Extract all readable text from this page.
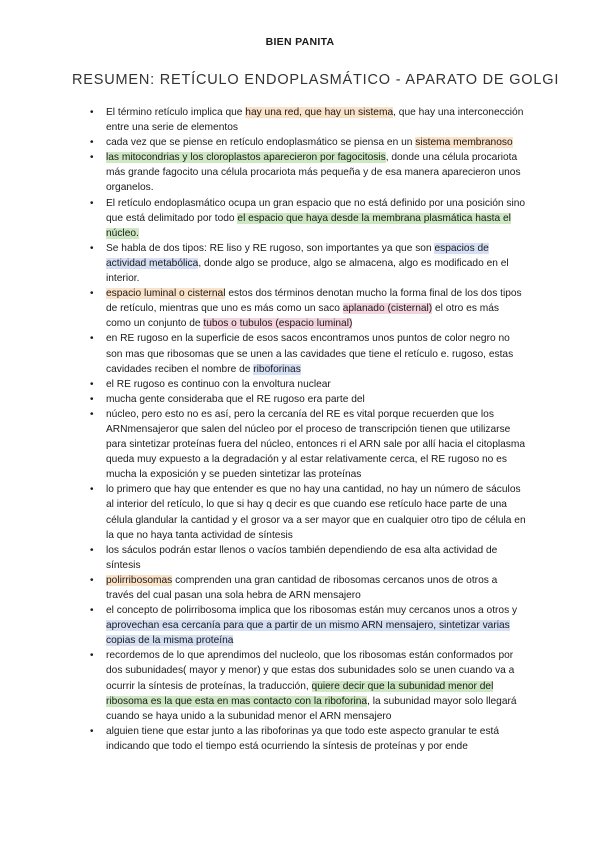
BIEN PANITA
RESUMEN: RETÍCULO ENDOPLASMÁTICO - APARATO DE GOLGI
• El término retículo implica que hay una red, que hay un sistema, que hay una interconección entre una serie de elementos
• cada vez que se piense en retículo endoplasmático se piensa en un sistema membranoso
• las mitocondrias y los cloroplastos aparecieron por fagocitosis, donde una célula procariota más grande fagocito una célula procariota más pequeña y de esa manera aparecieron unos organelos.
• El retículo endoplasmático ocupa un gran espacio que no está definido por una posición sino que está delimitado por todo el espacio que haya desde la membrana plasmática hasta el núcleo.
• Se habla de dos tipos: RE liso y RE rugoso, son importantes ya que son espacios de actividad metabólica, donde algo se produce, algo se almacena, algo es modificado en el interior.
• espacio luminal o cisternal estos dos términos denotan mucho la forma final de los dos tipos de retículo, mientras que uno es más como un saco aplanado (cisternal) el otro es más como un conjunto de tubos o tubulos (espacio luminal)
• en RE rugoso en la superficie de esos sacos encontramos unos puntos de color negro no son mas que ribosomas que se unen a las cavidades que tiene el retículo e. rugoso, estas cavidades reciben el nombre de riboforinas
• el RE rugoso es continuo con la envoltura nuclear
• mucha gente consideraba que el RE rugoso era parte del
• núcleo, pero esto no es así, pero la cercanía del RE es vital porque recuerden que los ARNmensajeror que salen del núcleo por el proceso de transcripción tienen que utilizarse para sintetizar proteínas fuera del núcleo, entonces ri el ARN sale por allí hacia el citoplasma queda muy expuesto a la degradación y al estar relativamente cerca, el RE rugoso no es mucha la exposición y se pueden sintetizar las proteínas
• lo primero que hay que entender es que no hay una cantidad, no hay un número de sáculos al interior del retículo, lo que si hay q decir es que cuando ese retículo hace parte de una célula glandular la cantidad y el grosor va a ser mayor que en cualquier otro tipo de célula en la que no haya tanta actividad de síntesis
• los sáculos podrán estar llenos o vacíos también dependiendo de esa alta actividad de síntesis
• polirribosomas comprenden una gran cantidad de ribosomas cercanos unos de otros a través del cual pasan una sola hebra de ARN mensajero
• el concepto de polirribosoma implica que los ribosomas están muy cercanos unos a otros y aprovechan esa cercanía para que a partir de un mismo ARN mensajero, sintetizar varias copias de la misma proteína
• recordemos de lo que aprendimos del nucleolo, que los ribosomas están conformados por dos subunidades( mayor y menor) y que estas dos subunidades solo se unen cuando va a ocurrir la síntesis de proteínas, la traducción, quiere decir que la subunidad menor del ribosoma es la que esta en mas contacto con la riboforina, la subunidad mayor solo llegará cuando se haya unido a la subunidad menor el ARN mensajero
• alguien tiene que estar junto a las riboforinas ya que todo este aspecto granular te está indicando que todo el tiempo está ocurriendo la síntesis de proteínas y por ende
